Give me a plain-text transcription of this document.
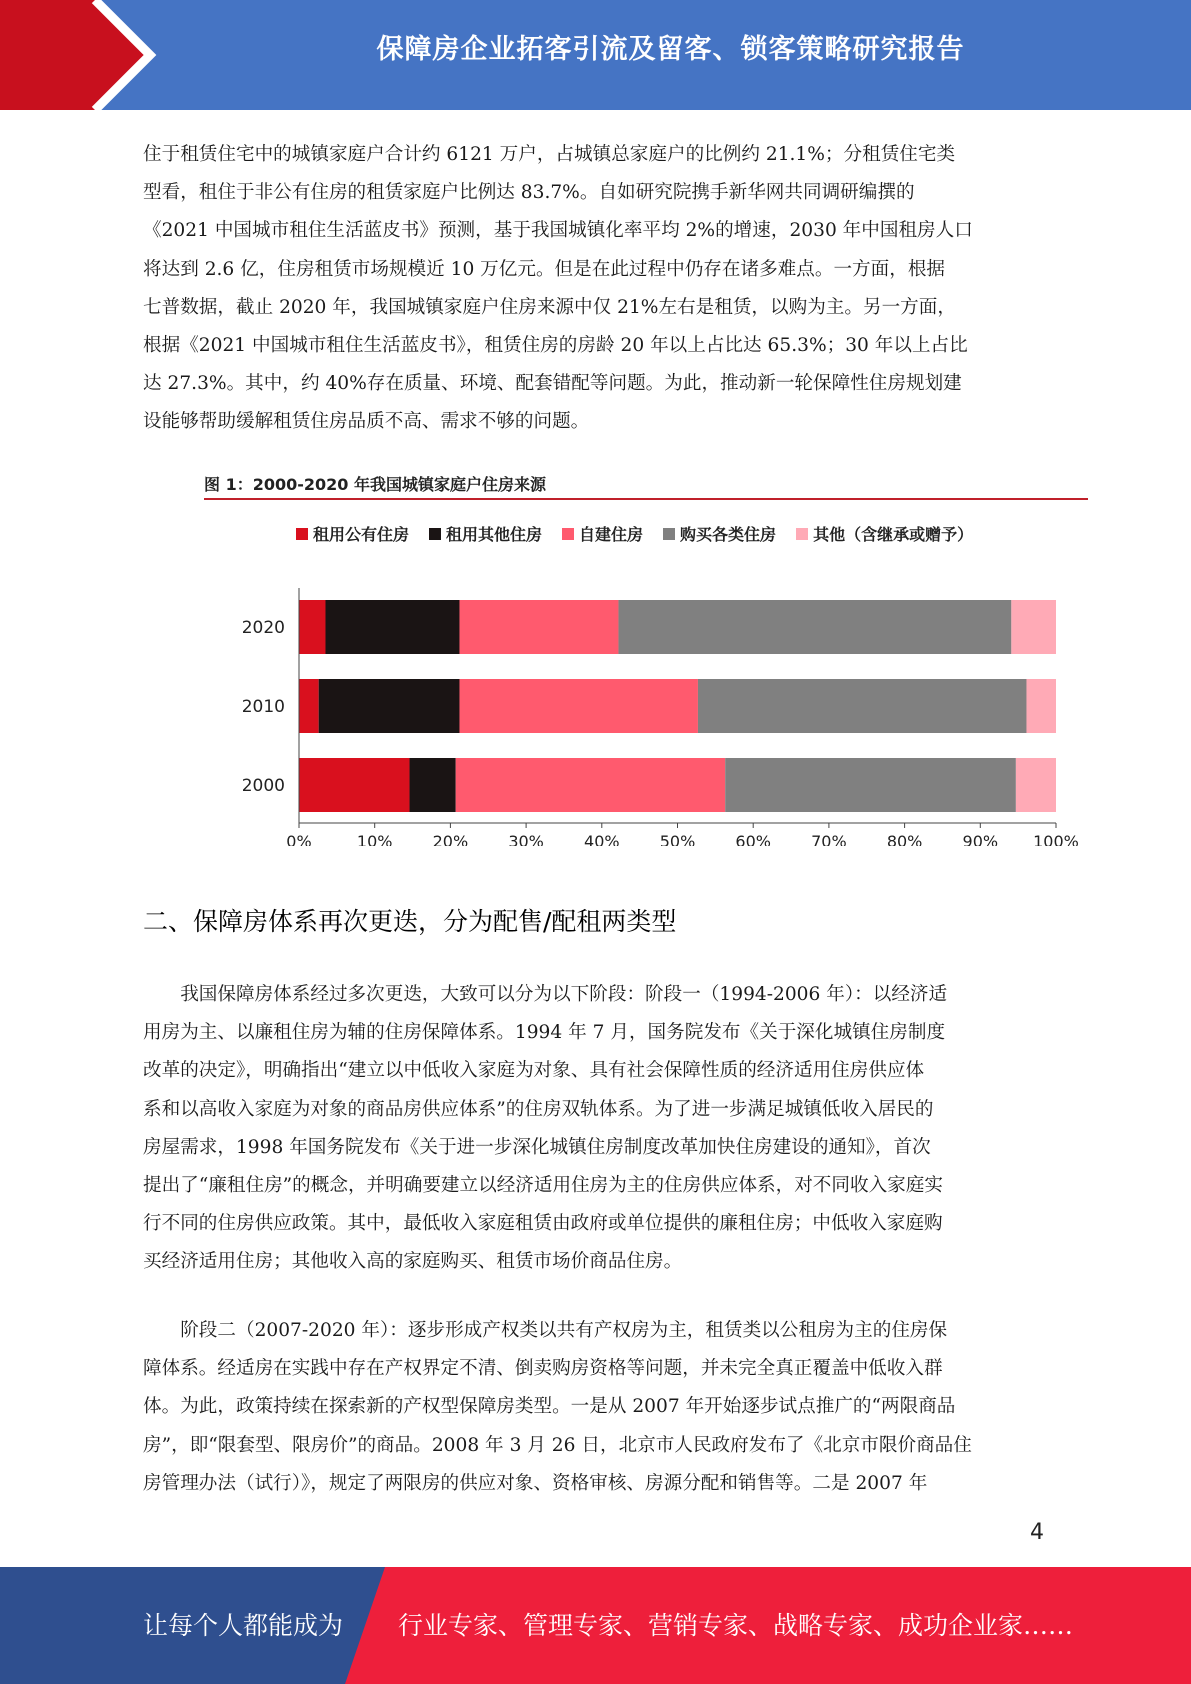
保障房企业拓客引流及留客、锁客策略研究报告
住于租赁住宅中的城镇家庭户合计约 6121 万户，占城镇总家庭户的比例约 21.1%；分租赁住宅类
型看，租住于非公有住房的租赁家庭户比例达 83.7%。自如研究院携手新华网共同调研编撰的
《2021 中国城市租住生活蓝皮书》预测，基于我国城镇化率平均 2%的增速，2030 年中国租房人口
将达到 2.6 亿，住房租赁市场规模近 10 万亿元。但是在此过程中仍存在诸多难点。一方面，根据
七普数据，截止 2020 年，我国城镇家庭户住房来源中仅 21%左右是租赁，以购为主。另一方面，
根据《2021 中国城市租住生活蓝皮书》，租赁住房的房龄 20 年以上占比达 65.3%；30 年以上占比
达 27.3%。其中，约 40%存在质量、环境、配套错配等问题。为此，推动新一轮保障性住房规划建
设能够帮助缓解租赁住房品质不高、需求不够的问题。
图 1：2000-2020 年我国城镇家庭户住房来源
租用公有住房 租用其他住房 自建住房 购买各类住房 其他（含继承或赠予）
2020
2010
2000
0%	10%	20%	30%	40%	50%	60%	70%	80%	90% 100%
二、保障房体系再次更迭，分为配售/配租两类型
我国保障房体系经过多次更迭，大致可以分为以下阶段：阶段一（1994-2006 年）：以经济适
用房为主、以廉租住房为辅的住房保障体系。1994 年 7 月，国务院发布《关于深化城镇住房制度
改革的决定》，明确指出“建立以中低收入家庭为对象、具有社会保障性质的经济适用住房供应体
系和以高收入家庭为对象的商品房供应体系”的住房双轨体系。为了进一步满足城镇低收入居民的
房屋需求，1998 年国务院发布《关于进一步深化城镇住房制度改革加快住房建设的通知》，首次
提出了“廉租住房”的概念，并明确要建立以经济适用住房为主的住房供应体系，对不同收入家庭实
行不同的住房供应政策。其中，最低收入家庭租赁由政府或单位提供的廉租住房；中低收入家庭购
买经济适用住房；其他收入高的家庭购买、租赁市场价商品住房。
阶段二（2007-2020 年）：逐步形成产权类以共有产权房为主，租赁类以公租房为主的住房保
障体系。经适房在实践中存在产权界定不清、倒卖购房资格等问题，并未完全真正覆盖中低收入群
体。为此，政策持续在探索新的产权型保障房类型。一是从 2007 年开始逐步试点推广的“两限商品
房”，即“限套型、限房价”的商品。2008 年 3 月 26 日，北京市人民政府发布了《北京市限价商品住
房管理办法（试行）》，规定了两限房的供应对象、资格审核、房源分配和销售等。二是 2007 年
4
让每个人都能成为 行业专家、管理专家、营销专家、战略专家、成功企业家……
